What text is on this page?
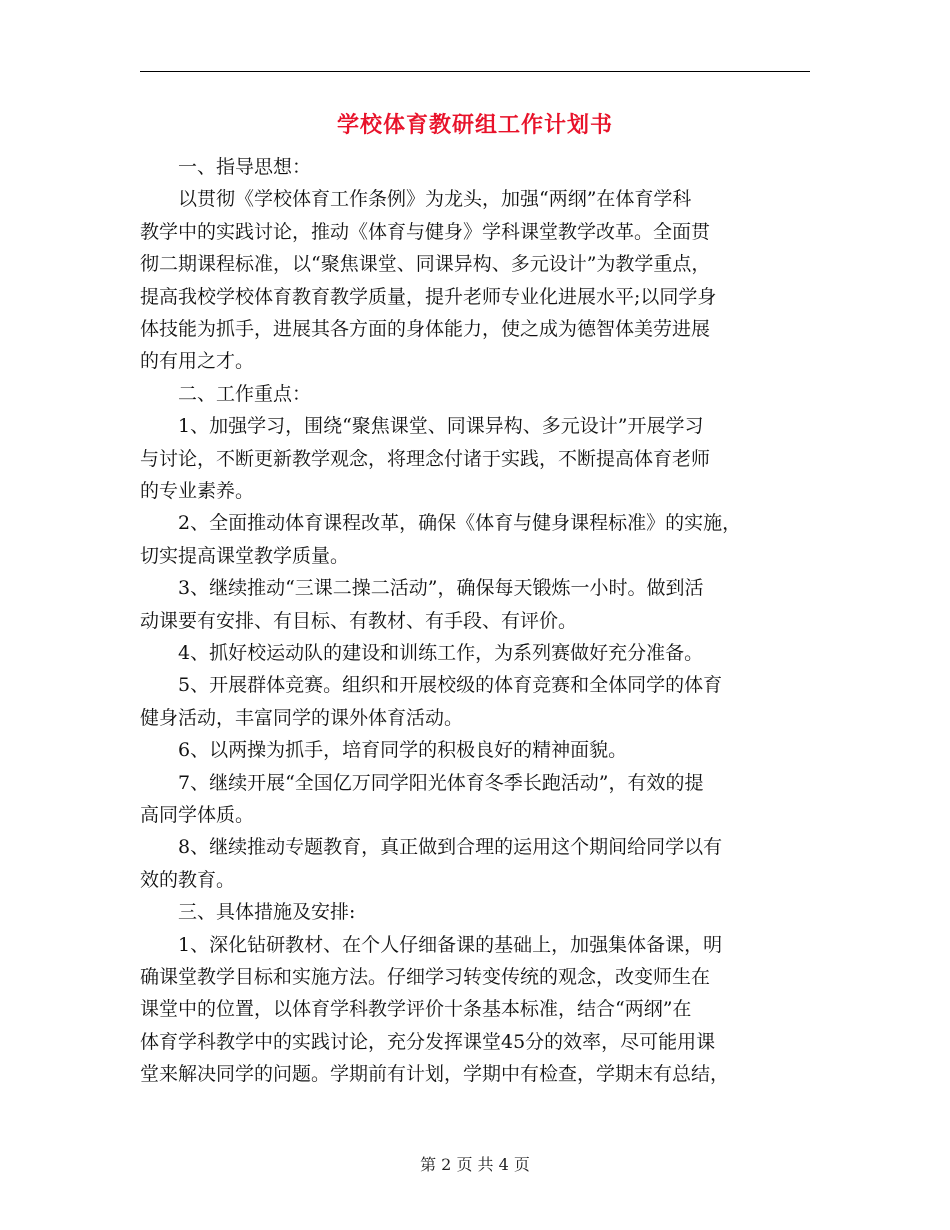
学校体育教研组工作计划书
　　一、指导思想：
　　以贯彻《学校体育工作条例》为龙头，加强“两纲”在体育学科
教学中的实践讨论，推动《体育与健身》学科课堂教学改革。全面贯
彻二期课程标准，以“聚焦课堂、同课异构、多元设计”为教学重点，
提高我校学校体育教育教学质量，提升老师专业化进展水平;以同学身
体技能为抓手，进展其各方面的身体能力，使之成为德智体美劳进展
的有用之才。
　　二、工作重点：
　　1、加强学习，围绕“聚焦课堂、同课异构、多元设计”开展学习
与讨论，不断更新教学观念，将理念付诸于实践，不断提高体育老师
的专业素养。
　　2、全面推动体育课程改革，确保《体育与健身课程标准》的实施，
切实提高课堂教学质量。
　　3、继续推动“三课二操二活动”，确保每天锻炼一小时。做到活
动课要有安排、有目标、有教材、有手段、有评价。
　　4、抓好校运动队的建设和训练工作，为系列赛做好充分准备。
　　5、开展群体竞赛。组织和开展校级的体育竞赛和全体同学的体育
健身活动，丰富同学的课外体育活动。
　　6、以两操为抓手，培育同学的积极良好的精神面貌。
　　7、继续开展“全国亿万同学阳光体育冬季长跑活动”，有效的提
高同学体质。
　　8、继续推动专题教育，真正做到合理的运用这个期间给同学以有
效的教育。
　　三、具体措施及安排:
　　1、深化钻研教材、在个人仔细备课的基础上，加强集体备课，明
确课堂教学目标和实施方法。仔细学习转变传统的观念，改变师生在
课堂中的位置，以体育学科教学评价十条基本标准，结合“两纲”在
体育学科教学中的实践讨论，充分发挥课堂45分的效率，尽可能用课
堂来解决同学的问题。学期前有计划，学期中有检查，学期末有总结，
第 2 页 共 4 页
